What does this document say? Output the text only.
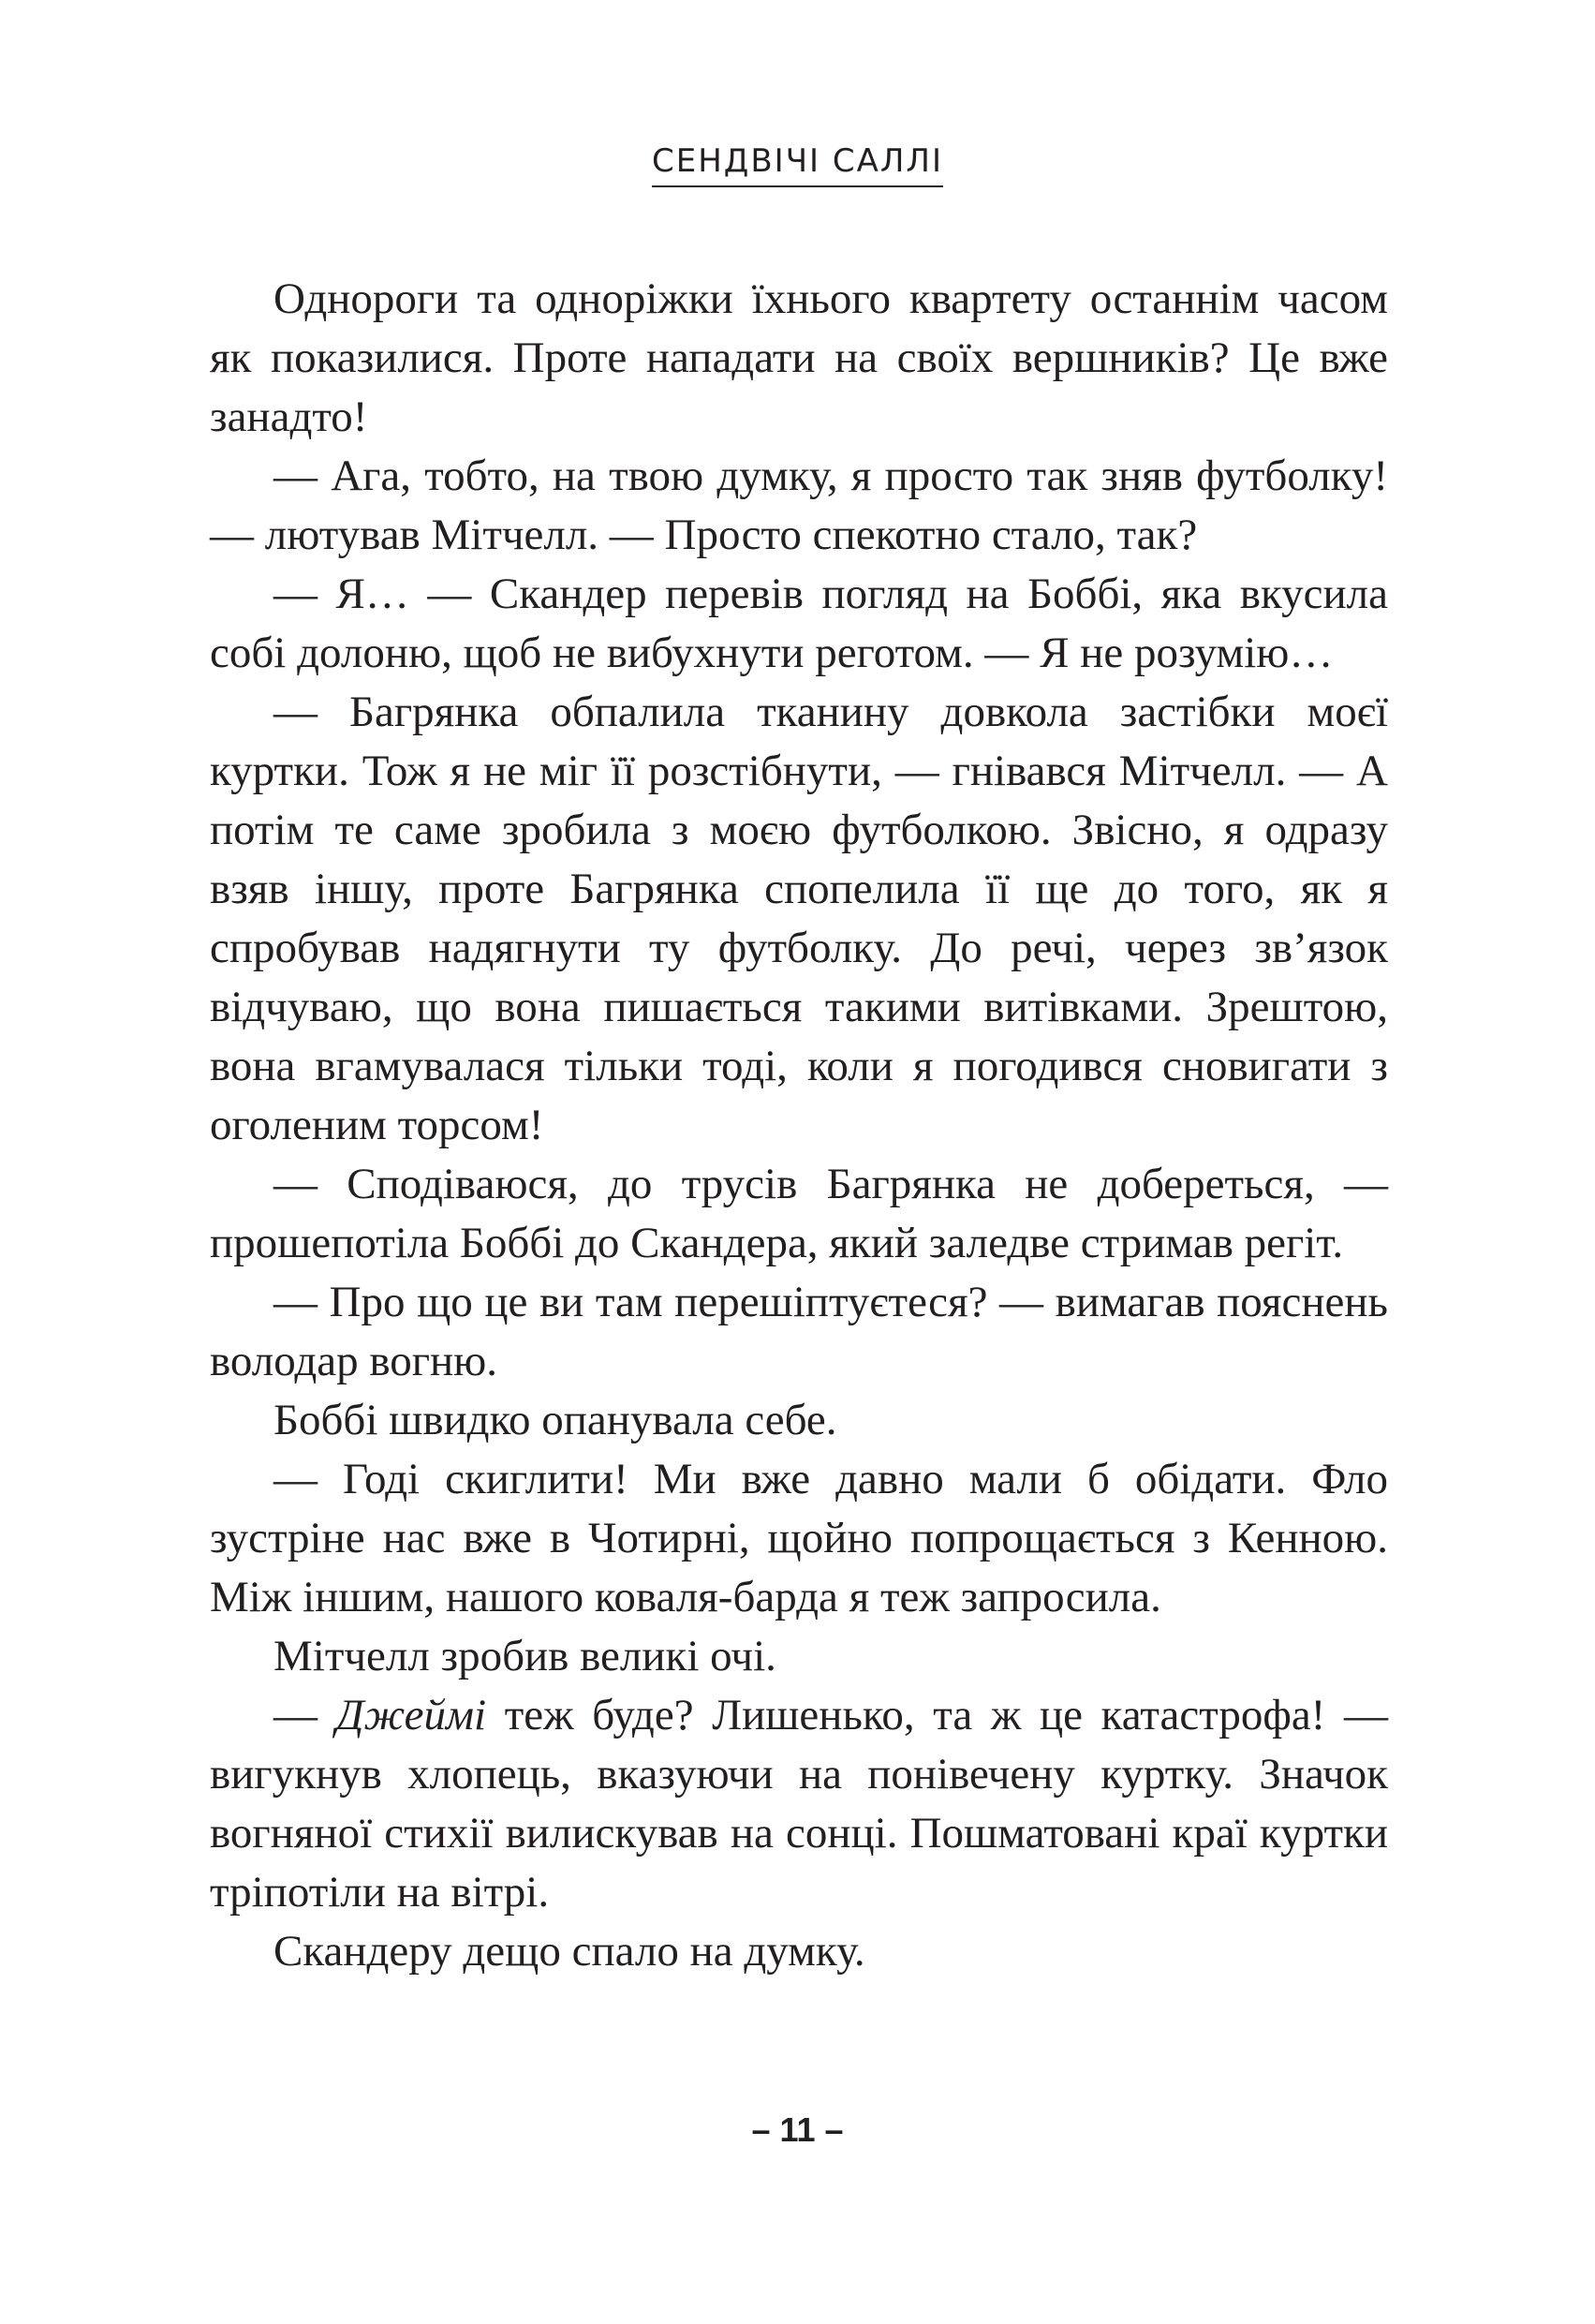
СЕНДВІЧІ САЛЛІ

Однороги та одноріжки їхнього квартету останнім часом як показилися. Проте нападати на своїх вершників? Це вже занадто!

— Ага, тобто, на твою думку, я просто так зняв футболку! — лютував Мітчелл. — Просто спекотно стало, так?

— Я… — Скандер перевів погляд на Боббі, яка вкусила собі долоню, щоб не вибухнути реготом. — Я не розумію…

— Багрянка обпалила тканину довкола застібки моєї куртки. Тож я не міг її розстібнути, — гнівався Мітчелл. — А потім те саме зробила з моєю футболкою. Звісно, я одразу взяв іншу, проте Багрянка спопелила її ще до того, як я спробував надягнути ту футболку. До речі, через зв’язок відчуваю, що вона пишається такими витівками. Зрештою, вона вгамувалася тільки тоді, коли я погодився сновигати з оголеним торсом!

— Сподіваюся, до трусів Багрянка не добереться, — прошепотіла Боббі до Скандера, який заледве стримав регіт.

— Про що це ви там перешіптуєтеся? — вимагав пояснень володар вогню.

Боббі швидко опанувала себе.

— Годі скиглити! Ми вже давно мали б обідати. Фло зустріне нас вже в Чотирні, щойно попрощається з Кенною. Між іншим, нашого коваля-барда я теж запросила.

Мітчелл зробив великі очі.

— Джеймі теж буде? Лишенько, та ж це катастрофа! — вигукнув хлопець, вказуючи на понівечену куртку. Значок вогняної стихії вилискував на сонці. Пошматовані краї куртки тріпотіли на вітрі.

Скандеру дещо спало на думку.

– 11 –
